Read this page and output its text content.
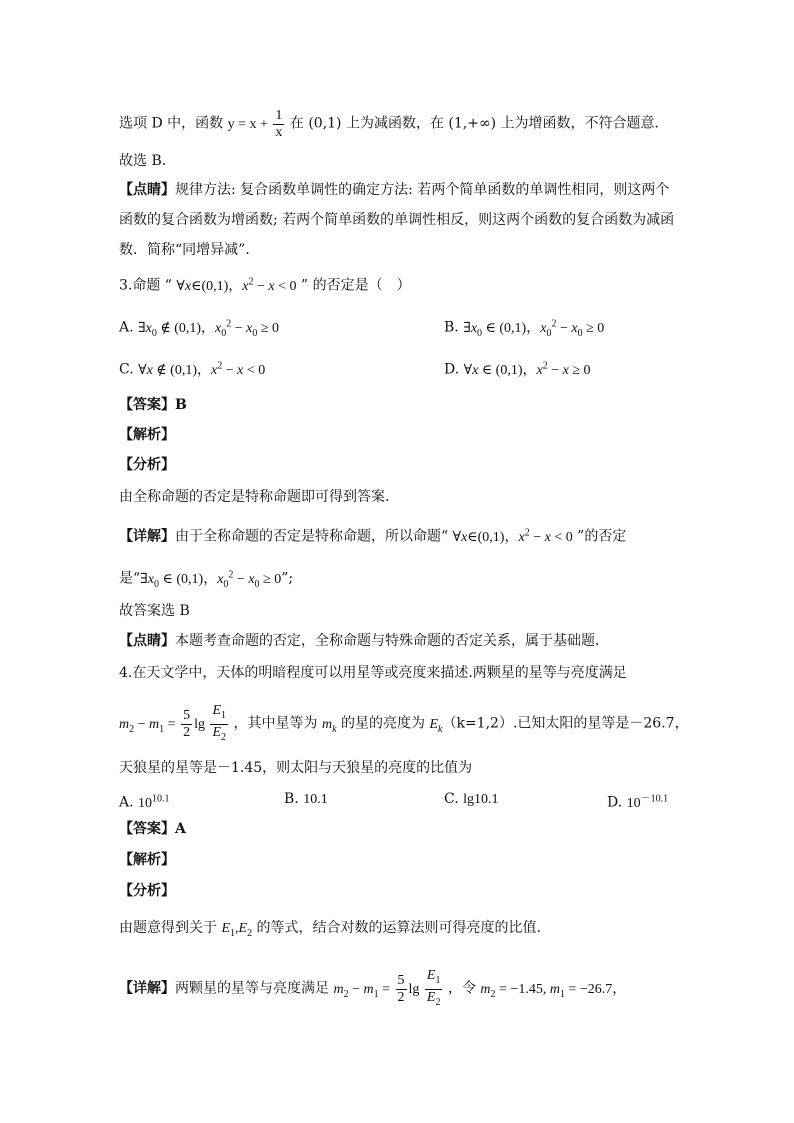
选项 D 中，函数 $y = x + \frac{1}{x}$ 在 (0,1) 上为减函数，在 (1,+∞) 上为增函数，不符合题意．
故选 B．
【点睛】规律方法: 复合函数单调性的确定方法: 若两个简单函数的单调性相同，则这两个
函数的复合函数为增函数; 若两个简单函数的单调性相反，则这两个函数的复合函数为减函
数．简称“同增异减”．
3.命题 “ ∀x∈(0,1)，$x^2 - x < 0$ ” 的否定是（　）
A. $\exists x_0$ ∉ (0,1)，$x_0^2 - x_0 \ge 0$	B. $\exists x_0$ ∈ (0,1)，$x_0^2 - x_0 \ge 0$
C. ∀x ∉ (0,1)，$x^2 - x < 0$	D. ∀x ∈ (0,1)，$x^2 - x \ge 0$
【答案】B
【解析】
【分析】
由全称命题的否定是特称命题即可得到答案．
【详解】由于全称命题的否定是特称命题，所以命题“ ∀x∈(0,1)，$x^2 - x < 0$ ”的否定
是“$\exists x_0$ ∈ (0,1)，$x_0^2 - x_0 \ge 0$”;
故答案选 B
【点睛】本题考查命题的否定，全称命题与特殊命题的否定关系，属于基础题．
4.在天文学中，天体的明暗程度可以用星等或亮度来描述.两颗星的星等与亮度满足
$m_2 - m_1 = \frac{5}{2}$ $\lg \frac{E_1}{E_2}$ ，其中星等为 $m_k$ 的星的亮度为 $E_k(k=1,2)$.已知太阳的星等是－26.7，
天狼星的星等是－1.45，则太阳与天狼星的亮度的比值为
A. $10^{10.1}$	B. 10.1	C. lg10.1	D. $10^{-10.1}$
【答案】A
【解析】
【分析】
由题意得到关于 $E_1,E_2$ 的等式，结合对数的运算法则可得亮度的比值.
【详解】两颗星的星等与亮度满足 $m_2 - m_1 = \frac{5}{2}$ $\lg \frac{E_1}{E_2}$ ，令 $m_2 = -1.45$, $m_1 = -26.7$，
